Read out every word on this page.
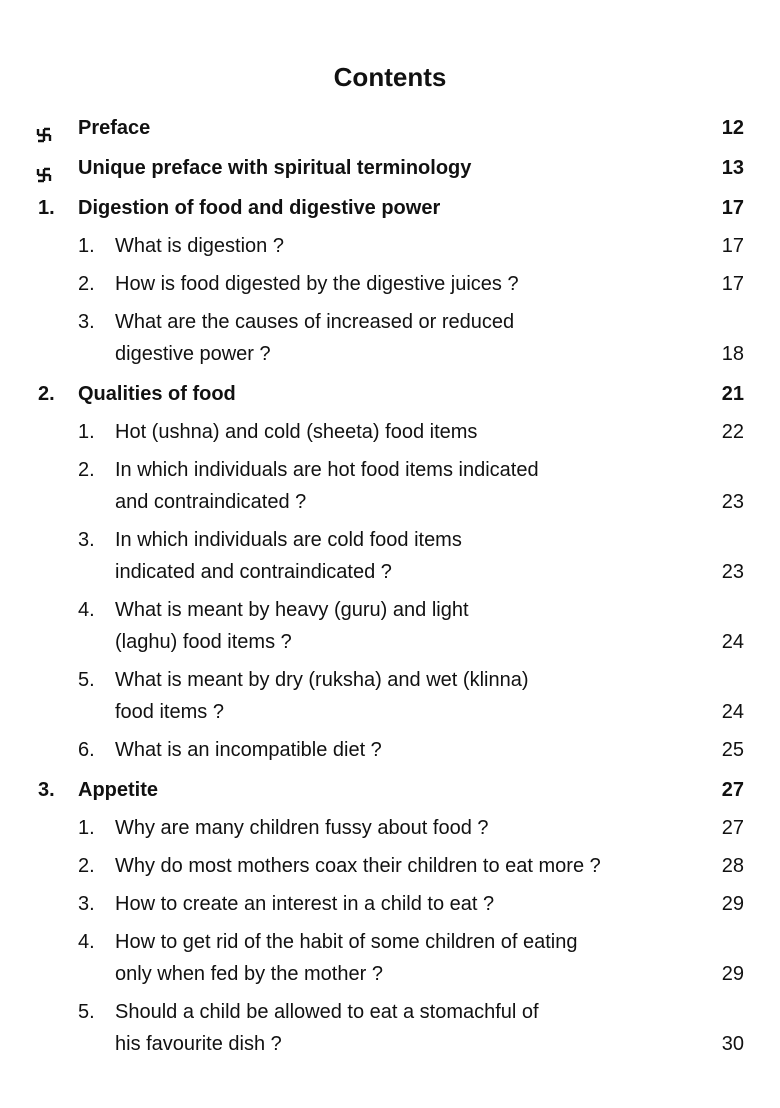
Contents
Preface	12
Unique preface with spiritual terminology	13
1. Digestion of food and digestive power	17
1. What is digestion ?	17
2. How is food digested by the digestive juices ?	17
3. What are the causes of increased or reduced
digestive power ?	18
2. Qualities of food	21
1. Hot (ushna) and cold (sheeta) food items	22
2. In which individuals are hot food items indicated
and contraindicated ?	23
3. In which individuals are cold food items
indicated and contraindicated ?	23
4. What is meant by heavy (guru) and light
(laghu) food items ?	24
5. What is meant by dry (ruksha) and wet (klinna)
food items ?	24
6. What is an incompatible diet ?	25
3. Appetite	27
1. Why are many children fussy about food ?	27
2. Why do most mothers coax their children to eat more ?	28
3. How to create an interest in a child to eat ?	29
4. How to get rid of the habit of some children of eating
only when fed by the mother ?	29
5. Should a child be allowed to eat a stomachful of
his favourite dish ?	30
